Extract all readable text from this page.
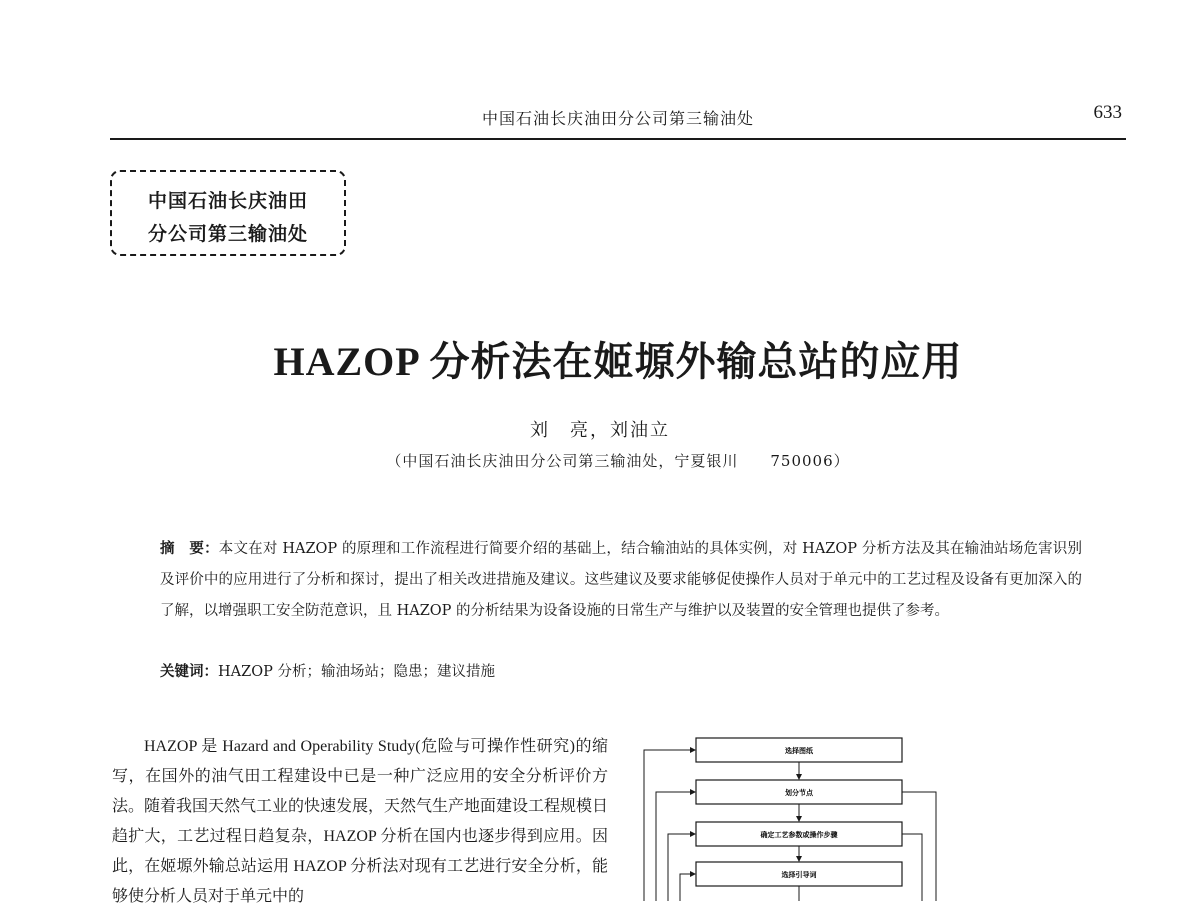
中国石油长庆油田分公司第三输油处	633
中国石油长庆油田
分公司第三输油处
HAZOP 分析法在姬塬外输总站的应用
刘　亮，刘油立
（中国石油长庆油田分公司第三输油处，宁夏银川　　750006）
摘　要：本文在对 HAZOP 的原理和工作流程进行简要介绍的基础上，结合输油站的具体实例，对 HAZOP 分析方法及其在输油站场危害识别及评价中的应用进行了分析和探讨，提出了相关改进措施及建议。这些建议及要求能够促使操作人员对于单元中的工艺过程及设备有更加深入的了解，以增强职工安全防范意识，且 HAZOP 的分析结果为设备设施的日常生产与维护以及装置的安全管理也提供了参考。
关键词：HAZOP 分析；输油场站；隐患；建议措施
HAZOP 是 Hazard and Operability Study(危险与可操作性研究)的缩写，在国外的油气田工程建设中已是一种广泛应用的安全分析评价方法。随着我国天然气工业的快速发展，天然气生产地面建设工程规模日趋扩大，工艺过程日趋复杂，HAZOP 分析在国内也逐步得到应用。因此，在姬塬外输总站运用 HAZOP 分析法对现有工艺进行安全分析，能够使分析人员对于单元中的
选择图纸
划分节点
确定工艺参数或操作步骤
选择引导词
